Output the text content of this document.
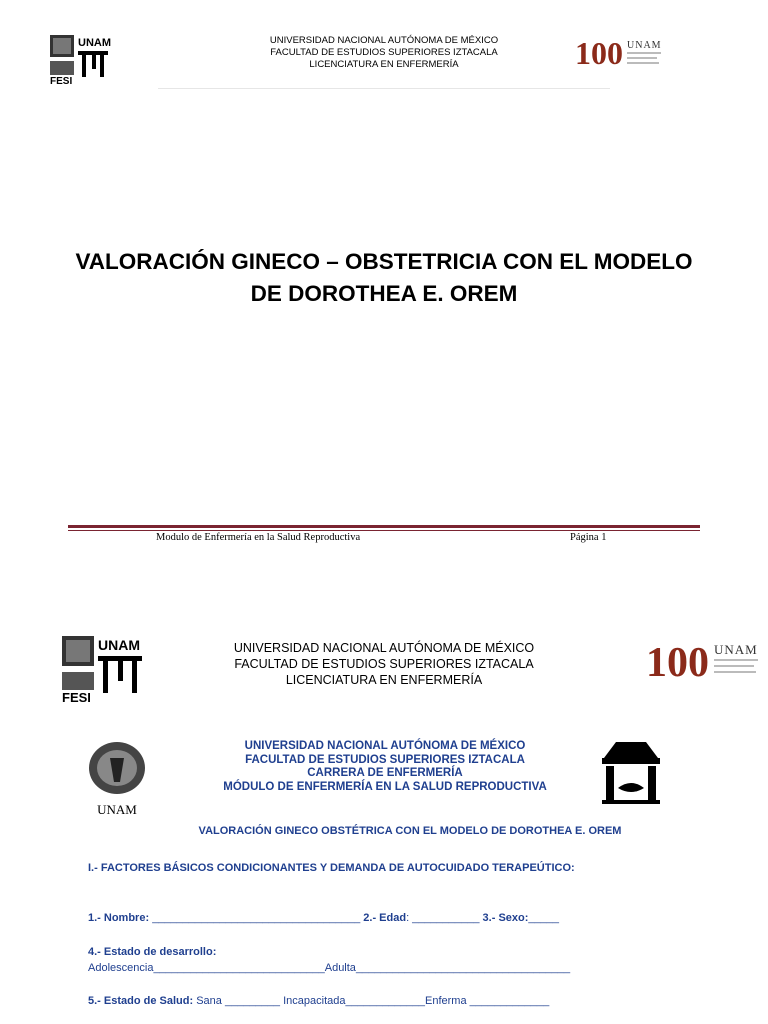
UNAM
FESI
UNIVERSIDAD NACIONAL AUTÓNOMA DE MÉXICO
FACULTAD DE ESTUDIOS SUPERIORES IZTACALA
LICENCIATURA EN ENFERMERÍA	100 UNAM
VALORACIÓN GINECO – OBSTETRICIA CON EL MODELO
DE DOROTHEA E. OREM
Modulo de Enfermería en la Salud Reproductiva	Página 1
UNAM
FESI
UNIVERSIDAD NACIONAL AUTÓNOMA DE MÉXICO
FACULTAD DE ESTUDIOS SUPERIORES IZTACALA
LICENCIATURA EN ENFERMERÍA	100 UNAM
UNAM
UNIVERSIDAD NACIONAL AUTÓNOMA DE MÉXICO
FACULTAD DE ESTUDIOS SUPERIORES IZTACALA
CARRERA DE ENFERMERÍA
MÓDULO DE ENFERMERÍA EN LA SALUD REPRODUCTIVA
VALORACIÓN GINECO OBSTÉTRICA CON EL MODELO DE DOROTHEA E. OREM
I.- FACTORES BÁSICOS CONDICIONANTES Y DEMANDA DE AUTOCUIDADO TERAPEÚTICO:
1.- Nombre: __________________________________ 2.- Edad: ___________ 3.- Sexo:_____
4.- Estado de desarrollo:
Adolescencia____________________________Adulta___________________________________
5.- Estado de Salud: Sana _________ Incapacitada_____________Enferma _____________
